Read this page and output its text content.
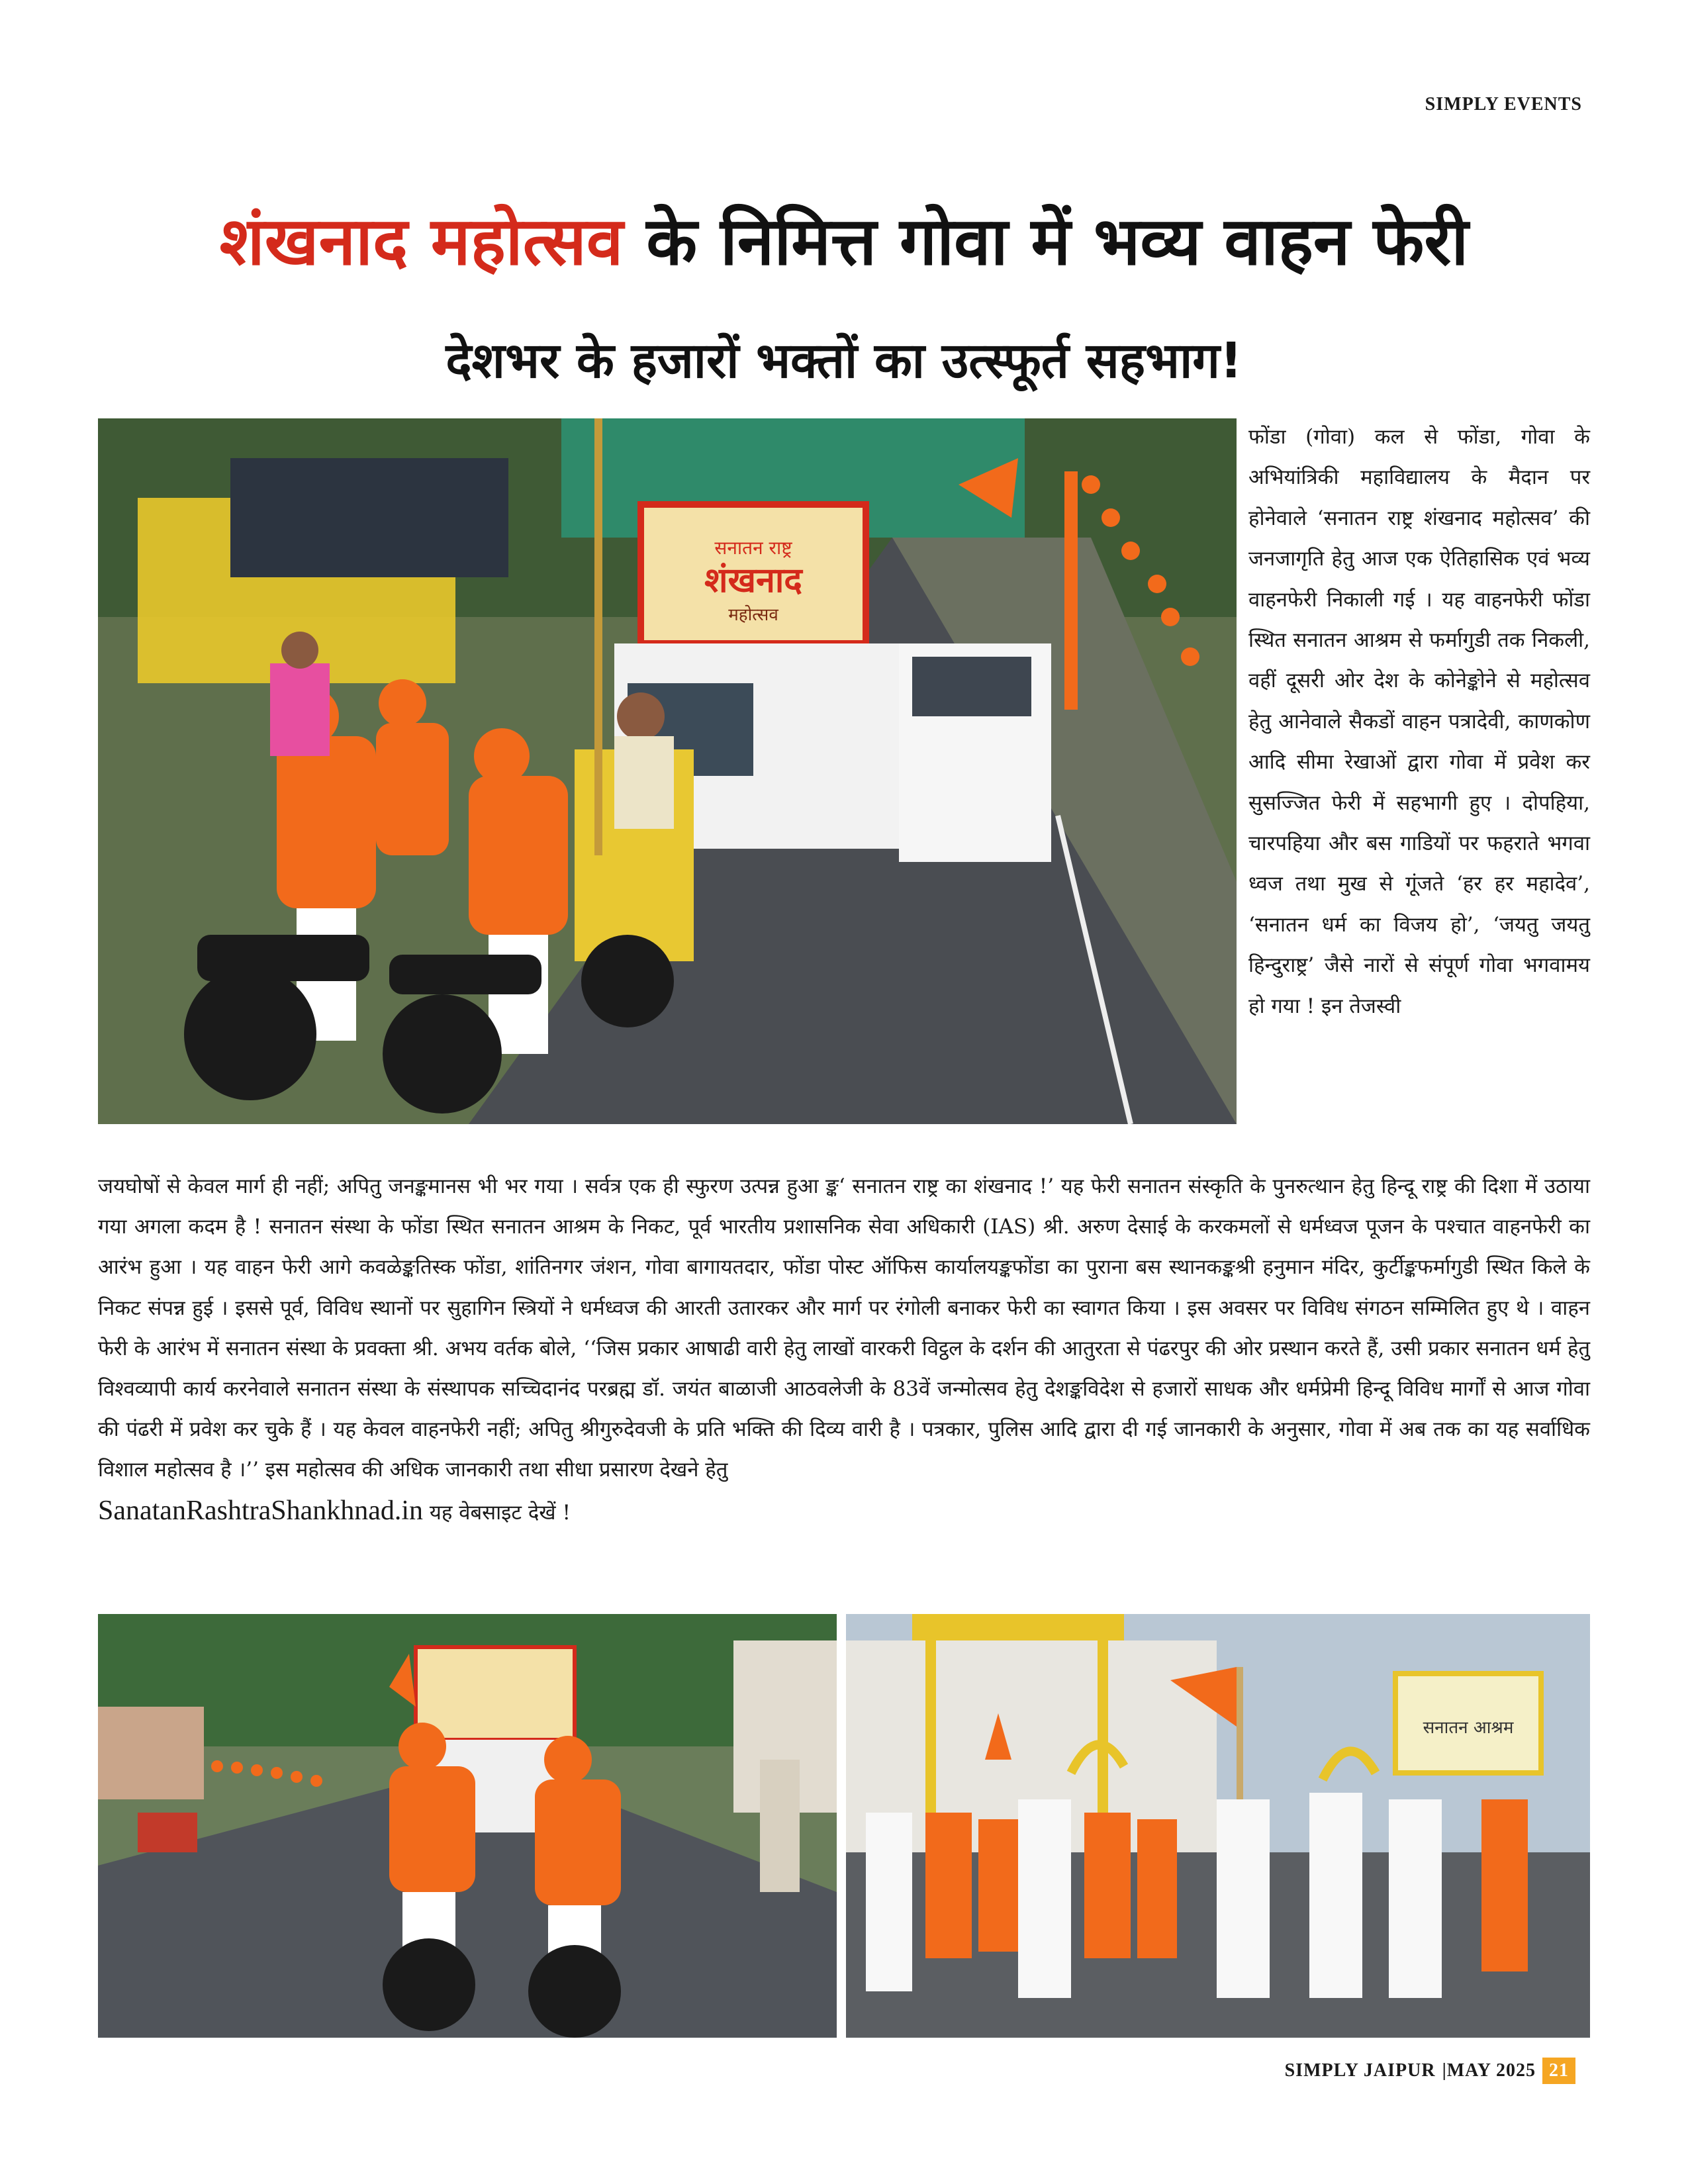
SIMPLY EVENTS
शंखनाद महोत्सव के निमित्त गोवा में भव्य वाहन फेरी
देशभर के हजारों भक्तों का उत्स्फूर्त सहभाग!
सनातन राष्ट्र
शंखनाद
महोत्सव
फोंडा (गोवा) कल से फोंडा, गोवा के अभियांत्रिकी महाविद्यालय के मैदान पर होनेवाले ‘सनातन राष्ट्र शंखनाद महोत्सव’ की जनजागृति हेतु आज एक ऐतिहासिक एवं भव्य वाहनफेरी निकाली गई । यह वाहनफेरी फोंडा स्थित सनातन आश्रम से फर्मागुडी तक निकली, वहीं दूसरी ओर देश के कोनेङ्कोने से महोत्सव हेतु आनेवाले सैकडों वाहन पत्रादेवी, काणकोण आदि सीमा रेखाओं द्वारा गोवा में प्रवेश कर सुसज्जित फेरी में सहभागी हुए । दोपहिया, चारपहिया और बस गाडियों पर फहराते भगवा ध्वज तथा मुख से गूंजते ‘हर हर महादेव’, ‘सनातन धर्म का विजय हो’, ‘जयतु जयतु हिन्दुराष्ट्र’ जैसे नारों से संपूर्ण गोवा भगवामय हो गया ! इन तेजस्वी
जयघोषों से केवल मार्ग ही नहीं; अपितु जनङ्कमानस भी भर गया । सर्वत्र एक ही स्फुरण उत्पन्न हुआ ङ्क‘ सनातन राष्ट्र का शंखनाद !’ यह फेरी सनातन संस्कृति के पुनरुत्थान हेतु हिन्दू राष्ट्र की दिशा में उठाया गया अगला कदम है ! सनातन संस्था के फोंडा स्थित सनातन आश्रम के निकट, पूर्व भारतीय प्रशासनिक सेवा अधिकारी (IAS) श्री. अरुण देसाई के करकमलों से धर्मध्वज पूजन के पश्चात वाहनफेरी का आरंभ हुआ । यह वाहन फेरी आगे कवळेङ्कतिस्क फोंडा, शांतिनगर जंशन, गोवा बागायतदार, फोंडा पोस्ट ऑफिस कार्यालयङ्कफोंडा का पुराना बस स्थानकङ्कश्री हनुमान मंदिर, कुर्टीङ्कफर्मागुडी स्थित किले के निकट संपन्न हुई । इससे पूर्व, विविध स्थानों पर सुहागिन स्त्रियों ने धर्मध्वज की आरती उतारकर और मार्ग पर रंगोली बनाकर फेरी का स्वागत किया । इस अवसर पर विविध संगठन सम्मिलित हुए थे । वाहन फेरी के आरंभ में सनातन संस्था के प्रवक्ता श्री. अभय वर्तक बोले, ‘‘जिस प्रकार आषाढी वारी हेतु लाखों वारकरी विट्ठल के दर्शन की आतुरता से पंढरपुर की ओर प्रस्थान करते हैं, उसी प्रकार सनातन धर्म हेतु विश्वव्यापी कार्य करनेवाले सनातन संस्था के संस्थापक सच्चिदानंद परब्रह्म डॉ. जयंत बाळाजी आठवलेजी के 83वें जन्मोत्सव हेतु देशङ्कविदेश से हजारों साधक और धर्मप्रेमी हिन्दू विविध मार्गों से आज गोवा की पंढरी में प्रवेश कर चुके हैं । यह केवल वाहनफेरी नहीं; अपितु श्रीगुरुदेवजी के प्रति भक्ति की दिव्य वारी है । पत्रकार, पुलिस आदि द्वारा दी गई जानकारी के अनुसार, गोवा में अब तक का यह सर्वाधिक विशाल महोत्सव है ।’’ इस महोत्सव की अधिक जानकारी तथा सीधा प्रसारण देखने हेतु
SanatanRashtraShankhnad.in यह वेबसाइट देखें !
सनातन आश्रम
SIMPLY JAIPUR |MAY 2025 21
